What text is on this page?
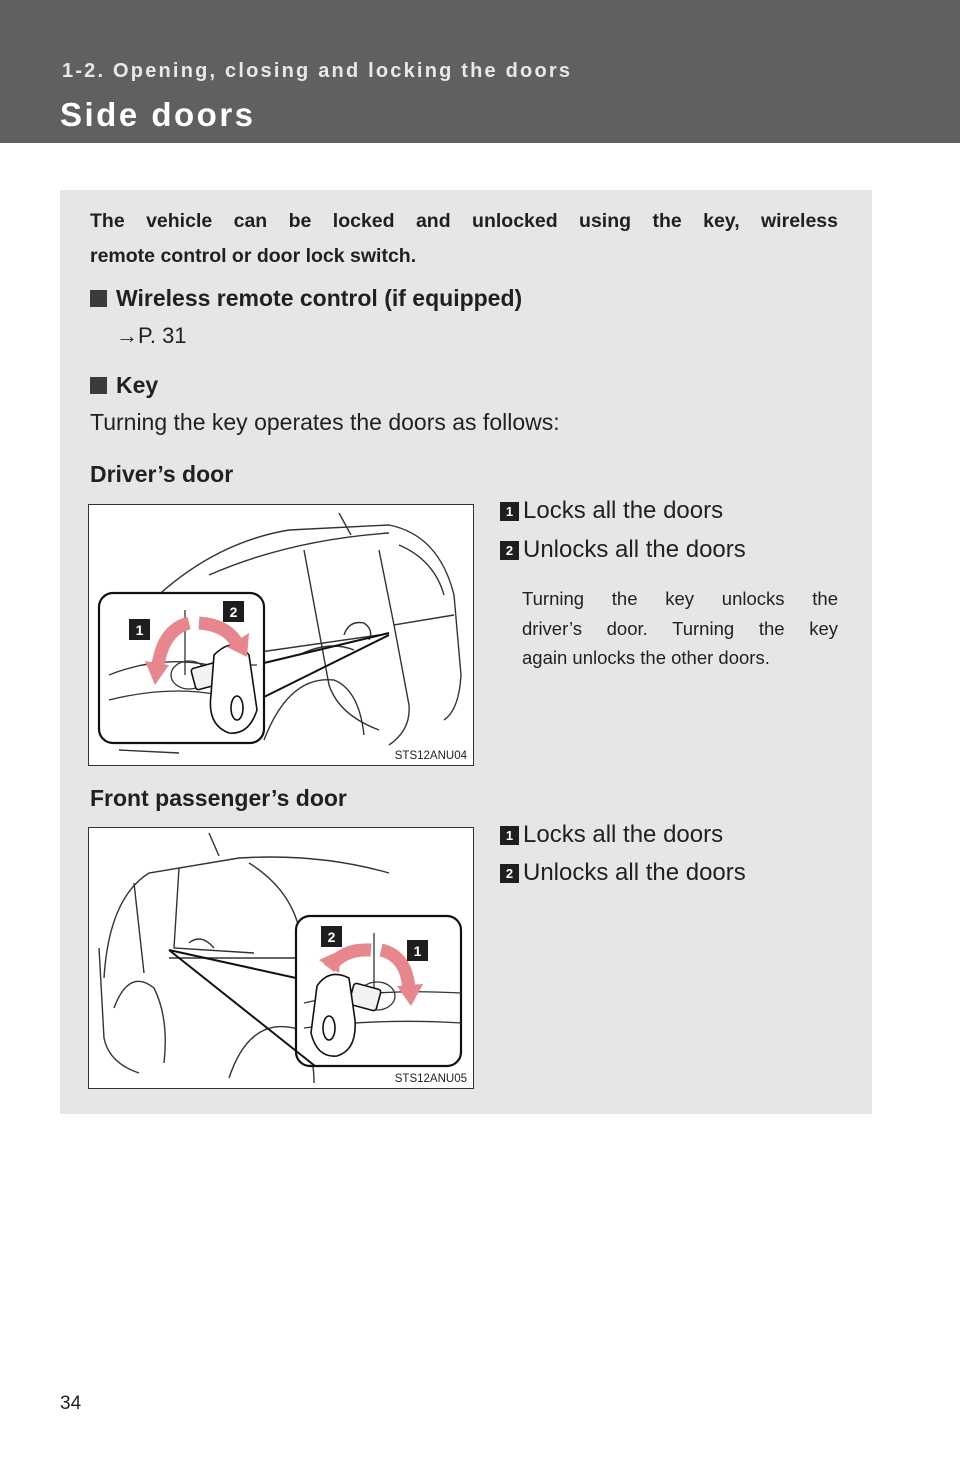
1-2. Opening, closing and locking the doors
Side doors
The vehicle can be locked and unlocked using the key, wireless
remote control or door lock switch.
Wireless remote control (if equipped)
→P. 31
Key
Turning the key operates the doors as follows:
Driver’s door
1
2
STS12ANU04
1 Locks all the doors
2 Unlocks all the doors
Turning the key unlocks the
driver’s door. Turning the key
again unlocks the other doors.
Front passenger’s door
2
1
STS12ANU05
1 Locks all the doors
2 Unlocks all the doors
34
